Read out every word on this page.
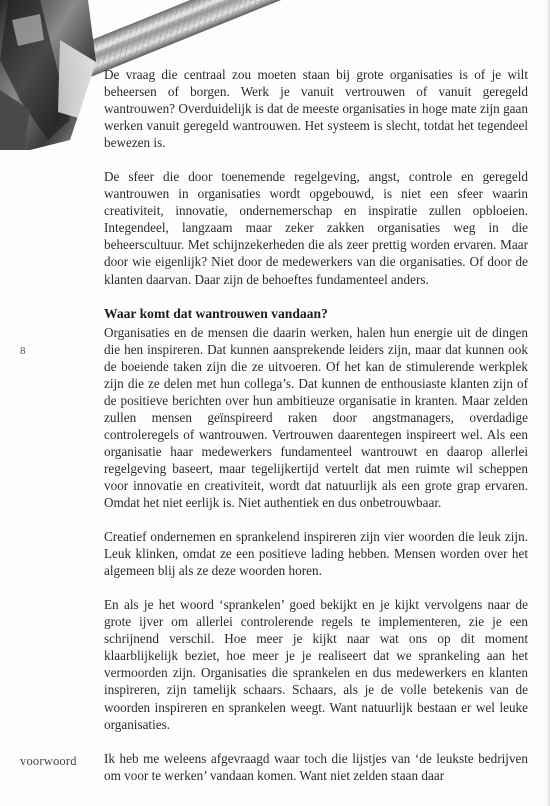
De vraag die centraal zou moeten staan bij grote organisaties is of je wilt beheersen of borgen. Werk je vanuit vertrouwen of vanuit geregeld wantrouwen? Overduidelijk is dat de meeste organisaties in hoge mate zijn gaan werken vanuit geregeld wantrouwen. Het systeem is slecht, totdat het tegendeel bewezen is.

De sfeer die door toenemende regelgeving, angst, controle en geregeld wantrouwen in organisaties wordt opgebouwd, is niet een sfeer waarin creativiteit, innovatie, ondernemerschap en inspiratie zullen opbloeien. Integendeel, langzaam maar zeker zakken organisaties weg in die beheerscultuur. Met schijnzekerheden die als zeer prettig worden ervaren. Maar door wie eigenlijk? Niet door de medewerkers van die organisaties. Of door de klanten daarvan. Daar zijn de behoeftes fundamenteel anders.

Waar komt dat wantrouwen vandaan?

Organisaties en de mensen die daarin werken, halen hun energie uit de dingen die hen inspireren. Dat kunnen aansprekende leiders zijn, maar dat kunnen ook de boeiende taken zijn die ze uitvoeren. Of het kan de stimulerende werkplek zijn die ze delen met hun collega’s. Dat kunnen de enthousiaste klanten zijn of de positieve berichten over hun ambitieuze organisatie in kranten. Maar zelden zullen mensen geïnspireerd raken door angstmanagers, overdadige controleregels of wantrouwen. Vertrouwen daarentegen inspireert wel. Als een organisatie haar medewerkers fundamenteel wantrouwt en daarop allerlei regelgeving baseert, maar tegelijkertijd vertelt dat men ruimte wil scheppen voor innovatie en creativiteit, wordt dat natuurlijk als een grote grap ervaren. Omdat het niet eerlijk is. Niet authentiek en dus onbetrouwbaar.

Creatief ondernemen en sprankelend inspireren zijn vier woorden die leuk zijn. Leuk klinken, omdat ze een positieve lading hebben. Mensen worden over het algemeen blij als ze deze woorden horen.

En als je het woord ‘sprankelen’ goed bekijkt en je kijkt vervolgens naar de grote ijver om allerlei controlerende regels te implementeren, zie je een schrijnend verschil. Hoe meer je kijkt naar wat ons op dit moment klaarblijkelijk beziet, hoe meer je je realiseert dat we sprankeling aan het vermoorden zijn. Organisaties die sprankelen en dus medewerkers en klanten inspireren, zijn tamelijk schaars. Schaars, als je de volle betekenis van de woorden inspireren en sprankelen weegt. Want natuurlijk bestaan er wel leuke organisaties.

Ik heb me weleens afgevraagd waar toch die lijstjes van ‘de leukste bedrijven om voor te werken’ vandaan komen. Want niet zelden staan daar

8
voorwoord
